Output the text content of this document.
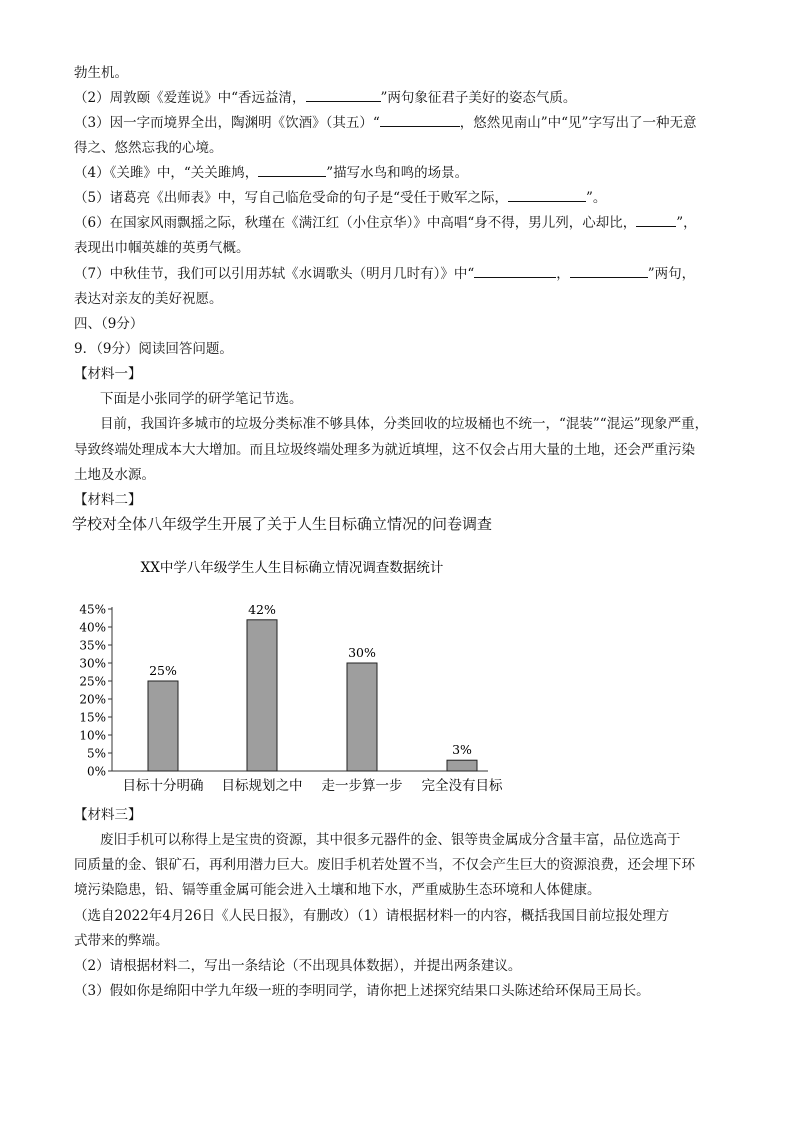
勃生机。
（2）周敦颐《爱莲说》中“香远益清，	”两句象征君子美好的姿态气质。
（3）因一字而境界全出，陶渊明《饮酒》（其五）“	，悠然见南山”中“见”字写出了一种无意
得之、悠然忘我的心境。
（4）《关雎》中，“关关雎鸠，	”描写水鸟和鸣的场景。
（5）诸葛亮《出师表》中，写自己临危受命的句子是“受任于败军之际，	”。
（6）在国家风雨飘摇之际，秋瑾在《满江红（小住京华）》中高唱“身不得，男儿列，心却比，	”，
表现出巾帼英雄的英勇气概。
（7）中秋佳节，我们可以引用苏轼《水调歌头（明月几时有）》中“	，	”两句，
表达对亲友的美好祝愿。
四、（9分）
9．（9分）阅读回答问题。
【材料一】
下面是小张同学的研学笔记节选。
目前，我国许多城市的垃圾分类标准不够具体，分类回收的垃圾桶也不统一，“混装”“混运”现象严重，
导致终端处理成本大大增加。而且垃圾终端处理多为就近填埋，这不仅会占用大量的土地，还会严重污染
土地及水源。
【材料二】
学校对全体八年级学生开展了关于人生目标确立情况的问卷调查
XX中学八年级学生人生目标确立情况调查数据统计
0%
5%
10%
15%
20%
25%
30%
35%
40%
45%
25%
目标十分明确
42%
目标规划之中
30%
走一步算一步
3%
完全没有目标
【材料三】
废旧手机可以称得上是宝贵的资源，其中很多元器件的金、银等贵金属成分含量丰富，品位选高于
同质量的金、银矿石，再利用潜力巨大。废旧手机若处置不当，不仅会产生巨大的资源浪费，还会埋下环
境污染隐患，铅、镉等重金属可能会进入土壤和地下水，严重威胁生态环境和人体健康。
（选自2022年4月26日《人民日报》，有删改）（1）请根据材料一的内容，概括我国目前垃报处理方
式带来的弊端。
（2）请根据材料二，写出一条结论（不出现具体数据），并提出两条建议。
（3）假如你是绵阳中学九年级一班的李明同学，请你把上述探究结果口头陈述给环保局王局长。
